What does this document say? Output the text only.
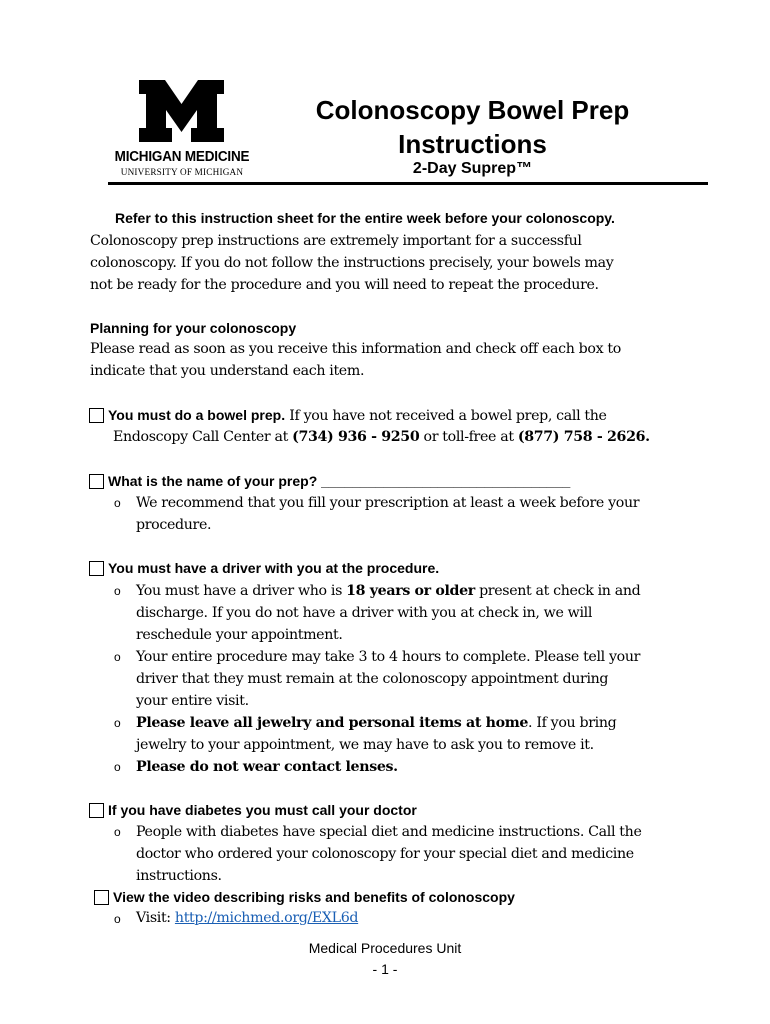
MICHIGAN MEDICINE
UNIVERSITY OF MICHIGAN
Colonoscopy Bowel Prep
Instructions
2-Day Suprep™
Refer to this instruction sheet for the entire week before your colonoscopy.
Colonoscopy prep instructions are extremely important for a successful
colonoscopy. If you do not follow the instructions precisely, your bowels may
not be ready for the procedure and you will need to repeat the procedure.
Planning for your colonoscopy
Please read as soon as you receive this information and check off each box to
indicate that you understand each item.
You must do a bowel prep. If you have not received a bowel prep, call the
Endoscopy Call Center at (734) 936 - 9250 or toll-free at (877) 758 - 2626.
What is the name of your prep? ________________________________
o We recommend that you fill your prescription at least a week before your
procedure.
You must have a driver with you at the procedure.
o You must have a driver who is 18 years or older present at check in and
discharge. If you do not have a driver with you at check in, we will
reschedule your appointment.
o Your entire procedure may take 3 to 4 hours to complete. Please tell your
driver that they must remain at the colonoscopy appointment during
your entire visit.
o Please leave all jewelry and personal items at home. If you bring
jewelry to your appointment, we may have to ask you to remove it.
o Please do not wear contact lenses.
If you have diabetes you must call your doctor
o People with diabetes have special diet and medicine instructions. Call the
doctor who ordered your colonoscopy for your special diet and medicine
instructions.
View the video describing risks and benefits of colonoscopy
o Visit: http://michmed.org/EXL6d
Medical Procedures Unit
- 1 -
